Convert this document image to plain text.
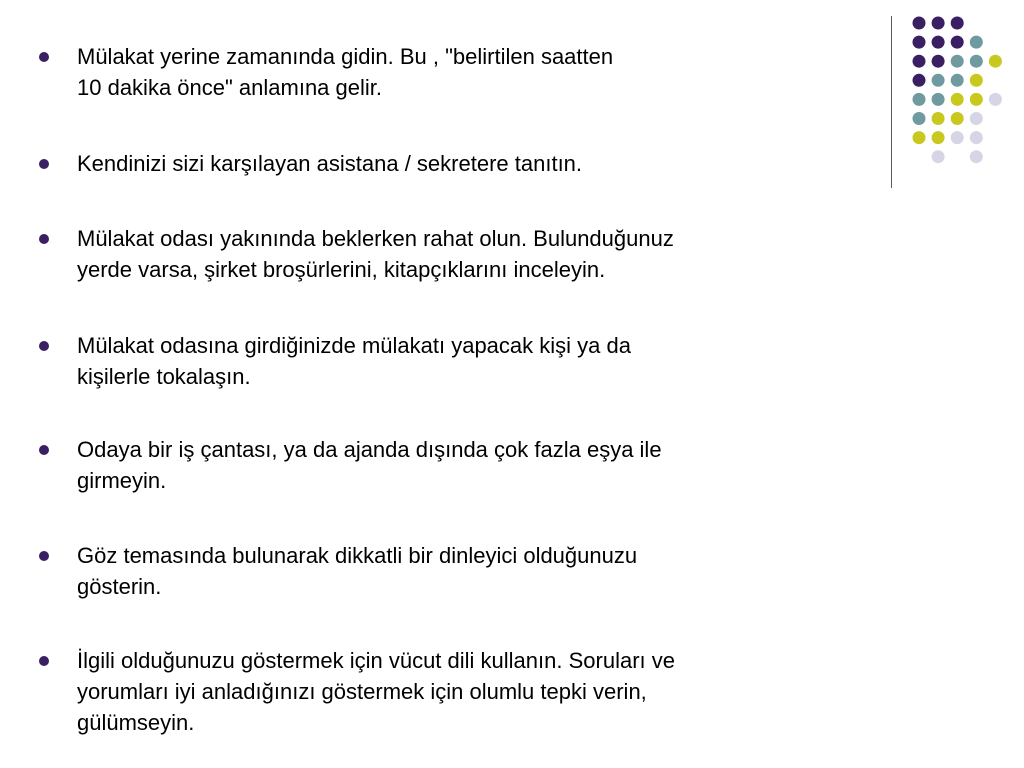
Mülakat yerine zamanında gidin. Bu , "belirtilen saatten
10 dakika önce" anlamına gelir.
Kendinizi sizi karşılayan asistana / sekretere tanıtın.
Mülakat odası yakınında beklerken rahat olun. Bulunduğunuz
yerde varsa, şirket broşürlerini, kitapçıklarını inceleyin.
Mülakat odasına girdiğinizde mülakatı yapacak kişi ya da
kişilerle tokalaşın.
Odaya bir iş çantası, ya da ajanda dışında çok fazla eşya ile
girmeyin.
Göz temasında bulunarak dikkatli bir dinleyici olduğunuzu
gösterin.
İlgili olduğunuzu göstermek için vücut dili kullanın. Soruları ve
yorumları iyi anladığınızı göstermek için olumlu tepki verin,
gülümseyin.
